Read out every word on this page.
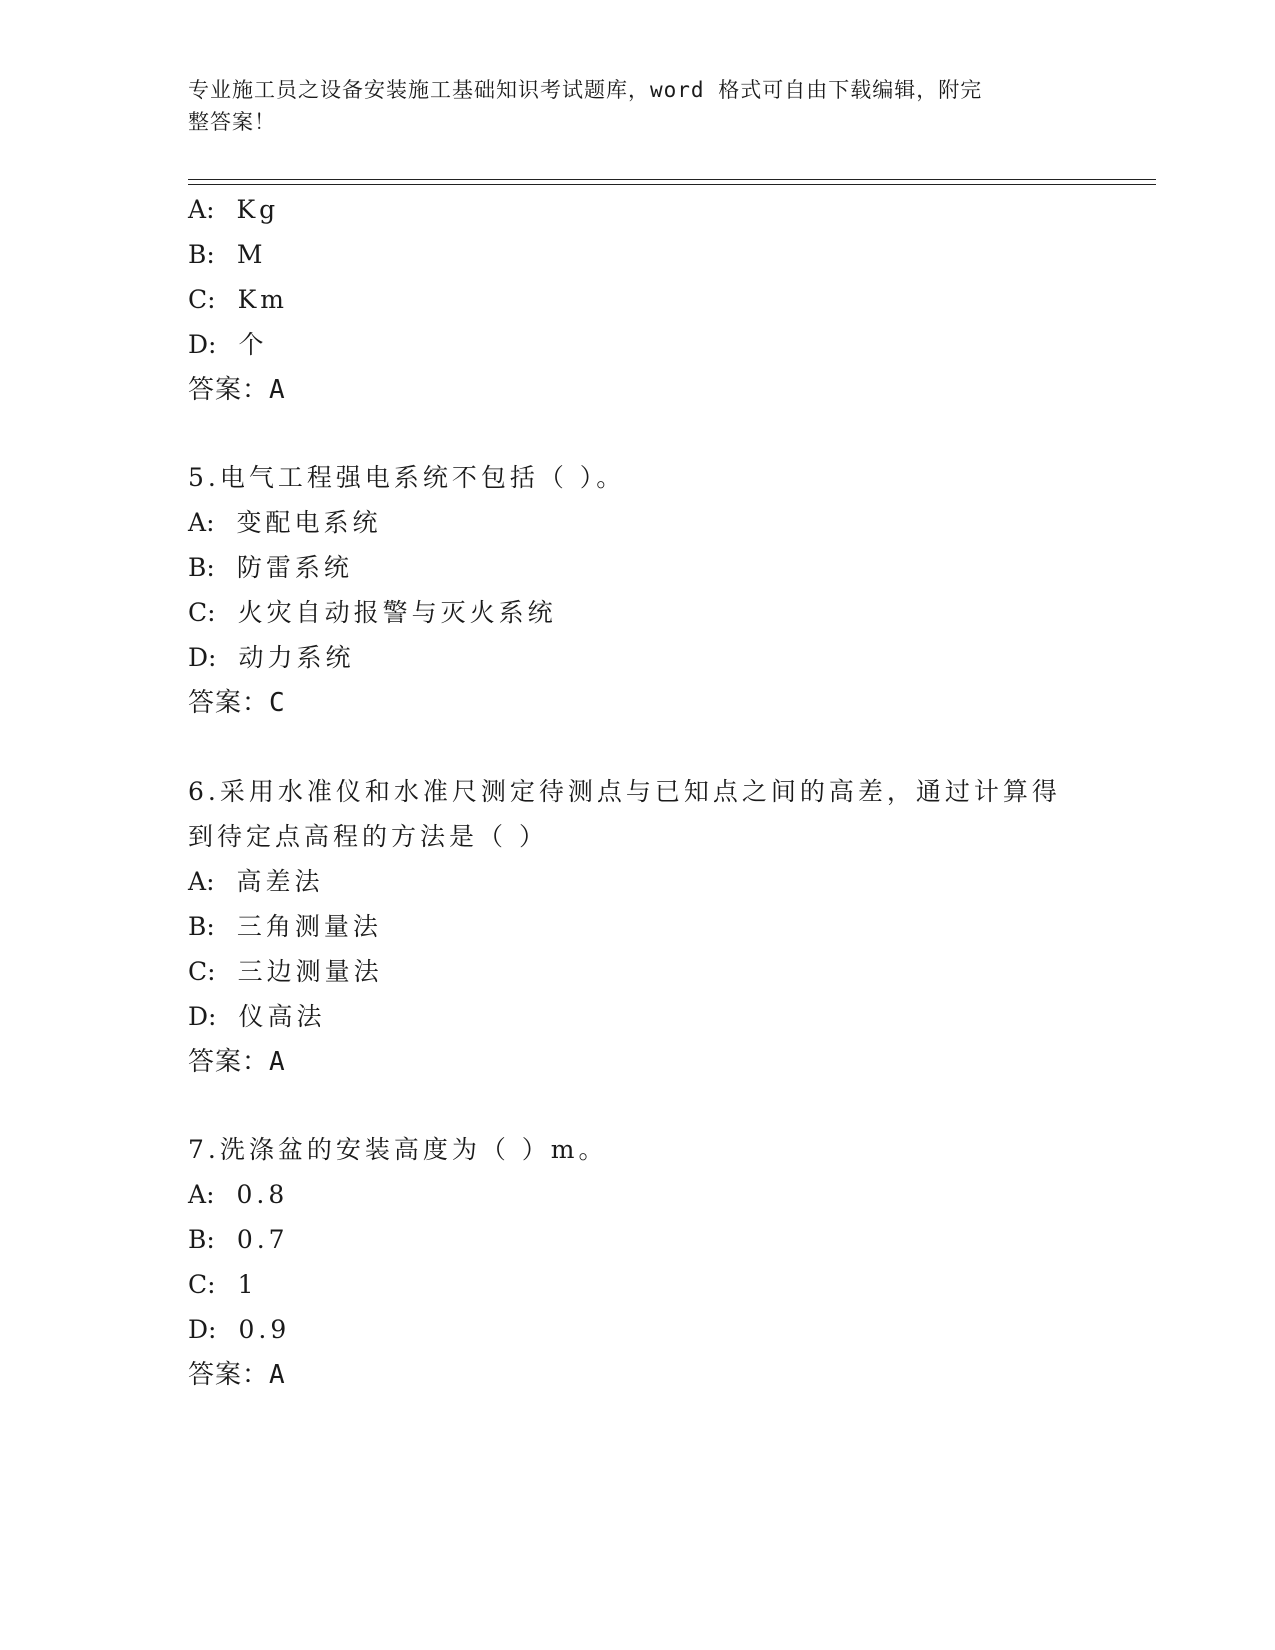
专业施工员之设备安装施工基础知识考试题库，word 格式可自由下载编辑，附完
整答案！
A: Kg
B: M
C: Km
D: 个
答案：A
5.电气工程强电系统不包括（ ）。
A: 变配电系统
B: 防雷系统
C: 火灾自动报警与灭火系统
D: 动力系统
答案：C
6.采用水准仪和水准尺测定待测点与已知点之间的高差，通过计算得
到待定点高程的方法是（ ）
A: 高差法
B: 三角测量法
C: 三边测量法
D: 仪高法
答案：A
7.洗涤盆的安装高度为（ ）m。
A: 0.8
B: 0.7
C: 1
D: 0.9
答案：A
